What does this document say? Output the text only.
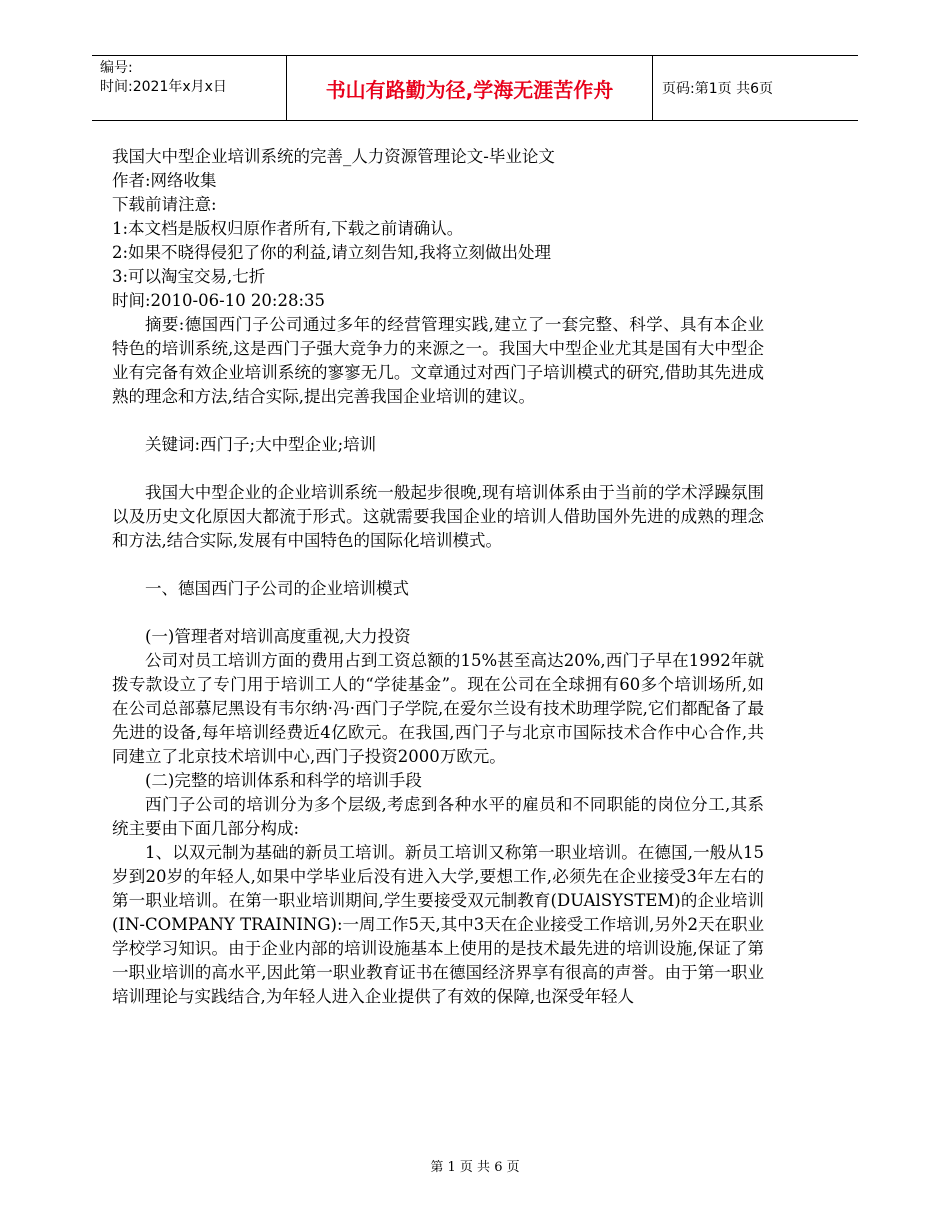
编号:
时间:2021年x月x日	书山有路勤为径,学海无涯苦作舟	页码:第1页 共6页
我国大中型企业培训系统的完善_人力资源管理论文-毕业论文
作者:网络收集
下载前请注意:
1:本文档是版权归原作者所有,下载之前请确认。
2:如果不晓得侵犯了你的利益,请立刻告知,我将立刻做出处理
3:可以淘宝交易,七折
时间:2010-06-10 20:28:35

摘要:德国西门子公司通过多年的经营管理实践,建立了一套完整、科学、具有本企业特色的培训系统,这是西门子强大竞争力的来源之一。我国大中型企业尤其是国有大中型企业有完备有效企业培训系统的寥寥无几。文章通过对西门子培训模式的研究,借助其先进成熟的理念和方法,结合实际,提出完善我国企业培训的建议。

关键词:西门子;大中型企业;培训

我国大中型企业的企业培训系统一般起步很晚,现有培训体系由于当前的学术浮躁氛围以及历史文化原因大都流于形式。这就需要我国企业的培训人借助国外先进的成熟的理念和方法,结合实际,发展有中国特色的国际化培训模式。

一、德国西门子公司的企业培训模式

(一)管理者对培训高度重视,大力投资

公司对员工培训方面的费用占到工资总额的15%甚至高达20%,西门子早在1992年就拨专款设立了专门用于培训工人的“学徒基金”。现在公司在全球拥有60多个培训场所,如在公司总部慕尼黑设有韦尔纳·冯·西门子学院,在爱尔兰设有技术助理学院,它们都配备了最先进的设备,每年培训经费近4亿欧元。在我国,西门子与北京市国际技术合作中心合作,共同建立了北京技术培训中心,西门子投资2000万欧元。

(二)完整的培训体系和科学的培训手段

西门子公司的培训分为多个层级,考虑到各种水平的雇员和不同职能的岗位分工,其系统主要由下面几部分构成:

1、以双元制为基础的新员工培训。新员工培训又称第一职业培训。在德国,一般从15岁到20岁的年轻人,如果中学毕业后没有进入大学,要想工作,必须先在企业接受3年左右的第一职业培训。在第一职业培训期间,学生要接受双元制教育(DUAlSYSTEM)的企业培训(IN-COMPANY TRAINING):一周工作5天,其中3天在企业接受工作培训,另外2天在职业学校学习知识。由于企业内部的培训设施基本上使用的是技术最先进的培训设施,保证了第一职业培训的高水平,因此第一职业教育证书在德国经济界享有很高的声誉。由于第一职业培训理论与实践结合,为年轻人进入企业提供了有效的保障,也深受年轻人

第 1 页 共 6 页
